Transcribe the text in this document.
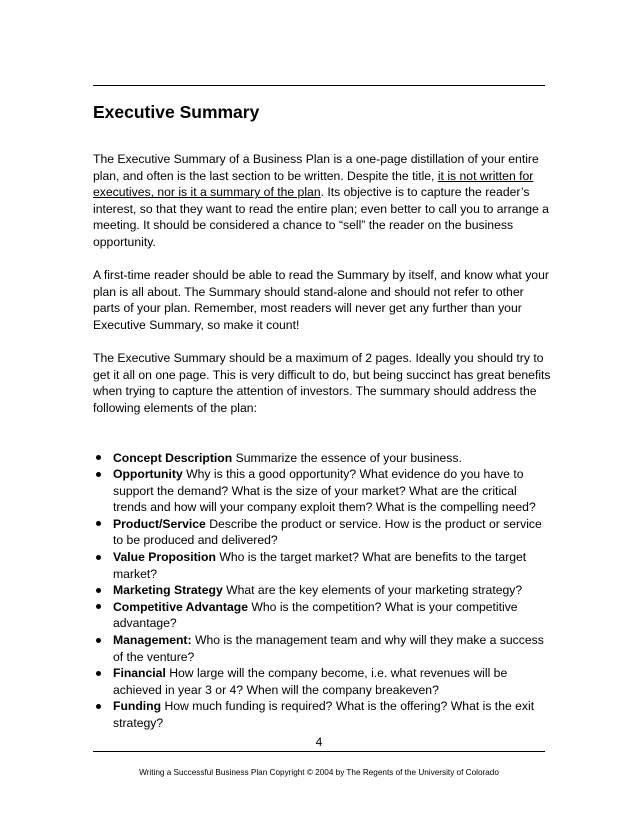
Executive Summary

The Executive Summary of a Business Plan is a one-page distillation of your entire plan, and often is the last section to be written. Despite the title, it is not written for executives, nor is it a summary of the plan. Its objective is to capture the reader’s interest, so that they want to read the entire plan; even better to call you to arrange a meeting. It should be considered a chance to “sell” the reader on the business opportunity.

A first-time reader should be able to read the Summary by itself, and know what your plan is all about. The Summary should stand-alone and should not refer to other parts of your plan. Remember, most readers will never get any further than your Executive Summary, so make it count!

The Executive Summary should be a maximum of 2 pages. Ideally you should try to get it all on one page. This is very difficult to do, but being succinct has great benefits when trying to capture the attention of investors. The summary should address the following elements of the plan:

Concept Description Summarize the essence of your business.
Opportunity Why is this a good opportunity? What evidence do you have to support the demand? What is the size of your market? What are the critical trends and how will your company exploit them? What is the compelling need?
Product/Service Describe the product or service. How is the product or service to be produced and delivered?
Value Proposition Who is the target market? What are benefits to the target market?
Marketing Strategy What are the key elements of your marketing strategy?
Competitive Advantage Who is the competition? What is your competitive advantage?
Management: Who is the management team and why will they make a success of the venture?
Financial How large will the company become, i.e. what revenues will be achieved in year 3 or 4? When will the company breakeven?
Funding How much funding is required? What is the offering? What is the exit strategy?
4
Writing a Successful Business Plan Copyright © 2004 by The Regents of the University of Colorado
